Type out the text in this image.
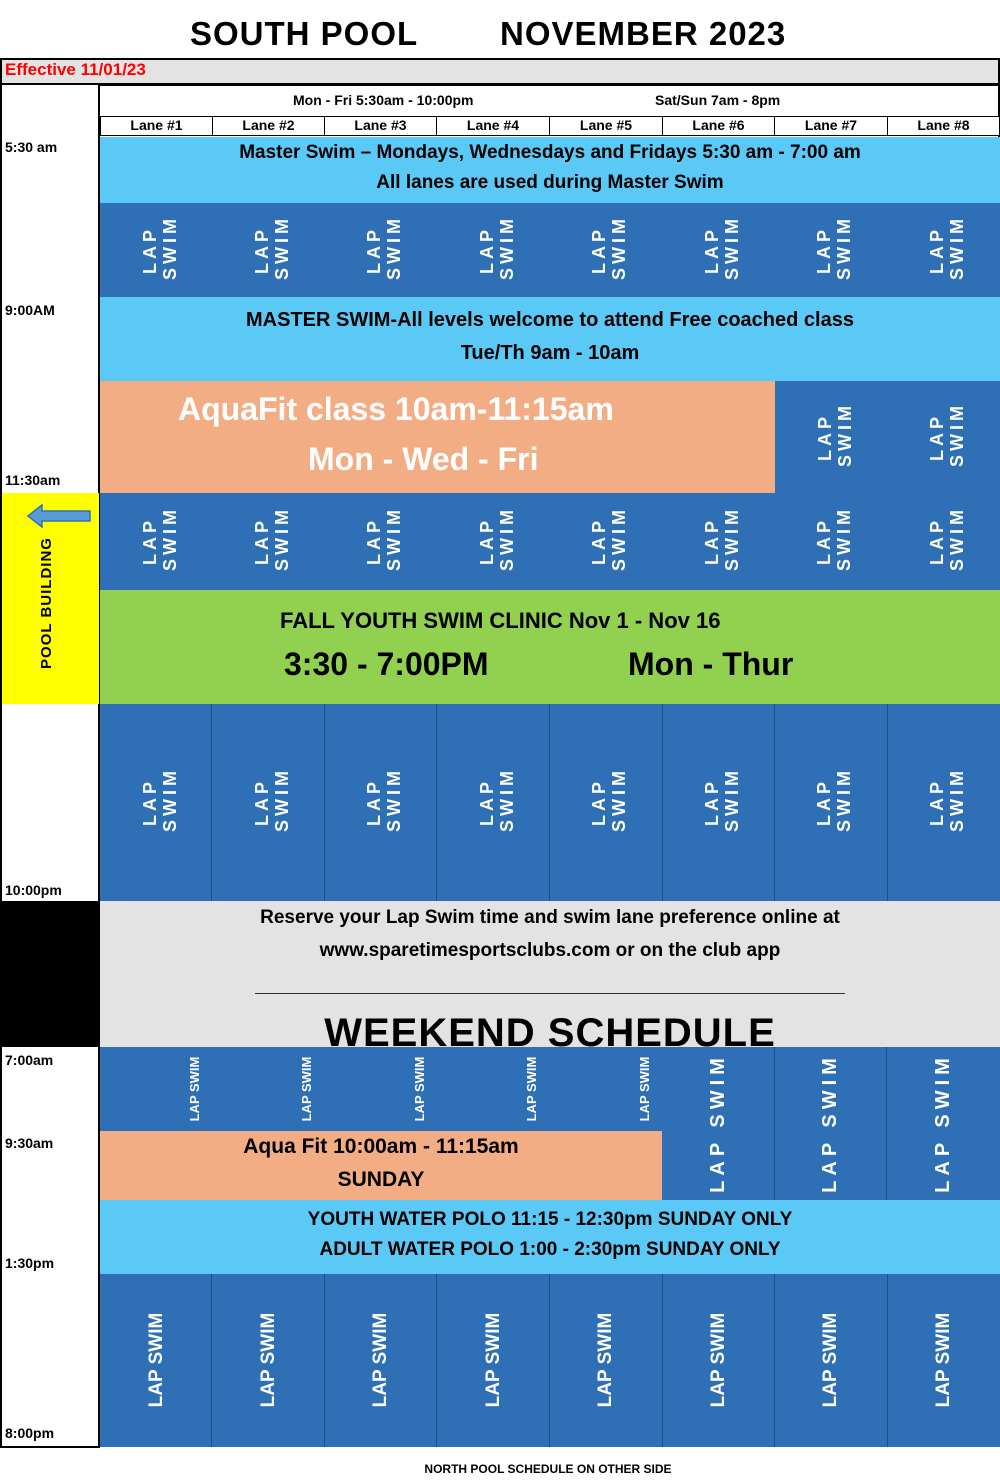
SOUTH POOL NOVEMBER 2023
Effective 11/01/23
Mon - Fri 5:30am - 10:00pm	Sat/Sun 7am - 8pm
Lane #1	Lane #2	Lane #3	Lane #4	Lane #5	Lane #6	Lane #7	Lane #8
5:30 am
9:00AM
11:30am
10:00pm
7:00am
9:30am
1:30pm
8:00pm
POOL BUILDING
Master Swim – Mondays, Wednesdays and Fridays 5:30 am - 7:00 am
All lanes are used during Master Swim
LAP SWIM	LAP SWIM	LAP SWIM	LAP SWIM	LAP SWIM	LAP SWIM	LAP SWIM	LAP SWIM
MASTER SWIM-All levels welcome to attend Free coached class
Tue/Th 9am - 10am
AquaFit class 10am-11:15am
Mon - Wed - Fri	LAP SWIM	LAP SWIM
LAP SWIM	LAP SWIM	LAP SWIM	LAP SWIM	LAP SWIM	LAP SWIM	LAP SWIM	LAP SWIM
FALL YOUTH SWIM CLINIC Nov 1 - Nov 16
3:30 - 7:00PM	Mon - Thur
LAP SWIM	LAP SWIM	LAP SWIM	LAP SWIM	LAP SWIM	LAP SWIM	LAP SWIM	LAP SWIM
Reserve your Lap Swim time and swim lane preference online at
www.sparetimesportsclubs.com or on the club app
WEEKEND SCHEDULE
LAP SWIM	LAP SWIM	LAP SWIM	LAP SWIM	LAP SWIM	LAP SWIM	LAP SWIM	LAP SWIM
Aqua Fit 10:00am - 11:15am
SUNDAY
YOUTH WATER POLO 11:15 - 12:30pm SUNDAY ONLY
ADULT WATER POLO 1:00 - 2:30pm SUNDAY ONLY
LAP SWIM	LAP SWIM	LAP SWIM	LAP SWIM	LAP SWIM	LAP SWIM	LAP SWIM	LAP SWIM
NORTH POOL SCHEDULE ON OTHER SIDE
